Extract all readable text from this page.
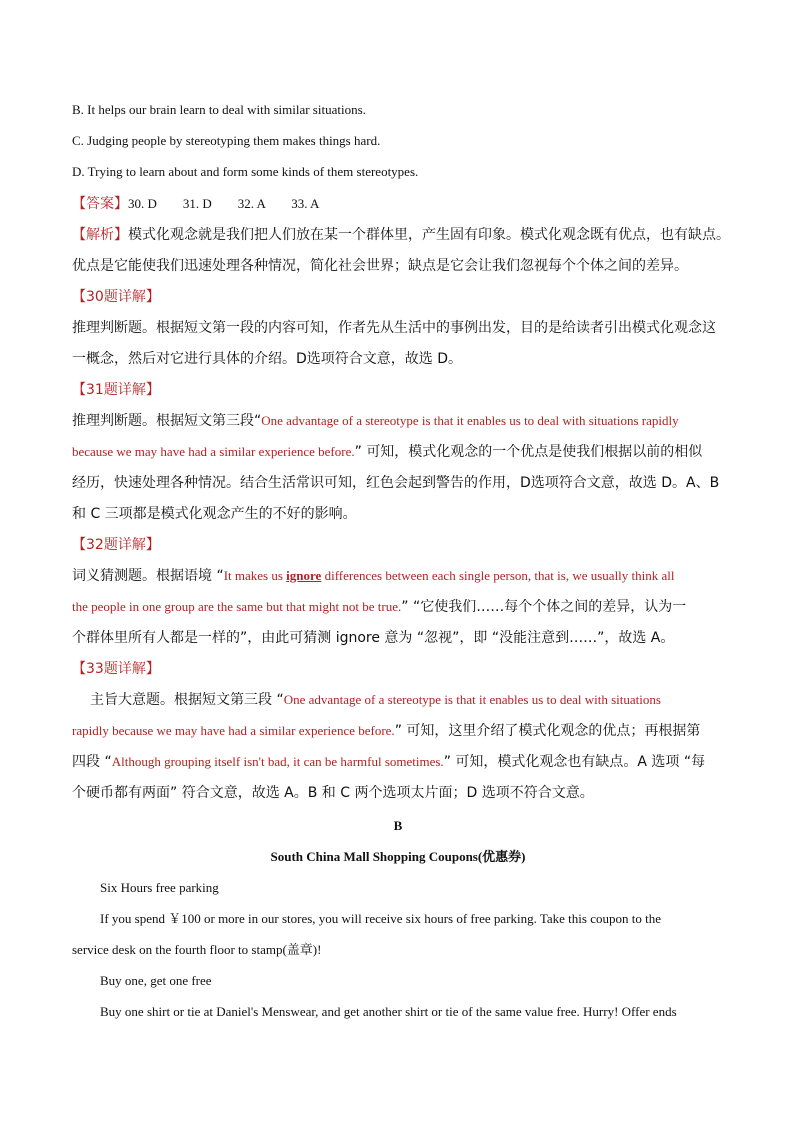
B. It helps our brain learn to deal with similar situations.
C. Judging people by stereotyping them makes things hard.
D. Trying to learn about and form some kinds of them stereotypes.
【答案】30. D        31. D        32. A        33. A
【解析】模式化观念就是我们把人们放在某一个群体里，产生固有印象。模式化观念既有优点，也有缺点。
优点是它能使我们迅速处理各种情况，简化社会世界；缺点是它会让我们忽视每个个体之间的差异。
【30题详解】
推理判断题。根据短文第一段的内容可知，作者先从生活中的事例出发，目的是给读者引出模式化观念这
一概念，然后对它进行具体的介绍。D选项符合文意，故选 D。
【31题详解】
推理判断题。根据短文第三段“One advantage of a stereotype is that it enables us to deal with situations rapidly
because we may have had a similar experience before.” 可知，模式化观念的一个优点是使我们根据以前的相似
经历，快速处理各种情况。结合生活常识可知，红色会起到警告的作用，D选项符合文意，故选 D。A、B
和 C 三项都是模式化观念产生的不好的影响。
【32题详解】
词义猜测题。根据语境 “It makes us ignore differences between each single person, that is, we usually think all
the people in one group are the same but that might not be true.” “它使我们……每个个体之间的差异，认为一
个群体里所有人都是一样的”，由此可猜测 ignore 意为 “忽视”，即 “没能注意到……”，故选 A。
【33题详解】
主旨大意题。根据短文第三段 “One advantage of a stereotype is that it enables us to deal with situations
rapidly because we may have had a similar experience before.” 可知，这里介绍了模式化观念的优点；再根据第
四段 “Although grouping itself isn't bad, it can be harmful sometimes.” 可知，模式化观念也有缺点。A 选项 “每
个硬币都有两面” 符合文意，故选 A。B 和 C 两个选项太片面；D 选项不符合文意。
B
South China Mall Shopping Coupons(优惠券)
Six Hours free parking
If you spend ￥100 or more in our stores, you will receive six hours of free parking. Take this coupon to the
service desk on the fourth floor to stamp(盖章)!
Buy one, get one free
Buy one shirt or tie at Daniel's Menswear, and get another shirt or tie of the same value free. Hurry! Offer ends
